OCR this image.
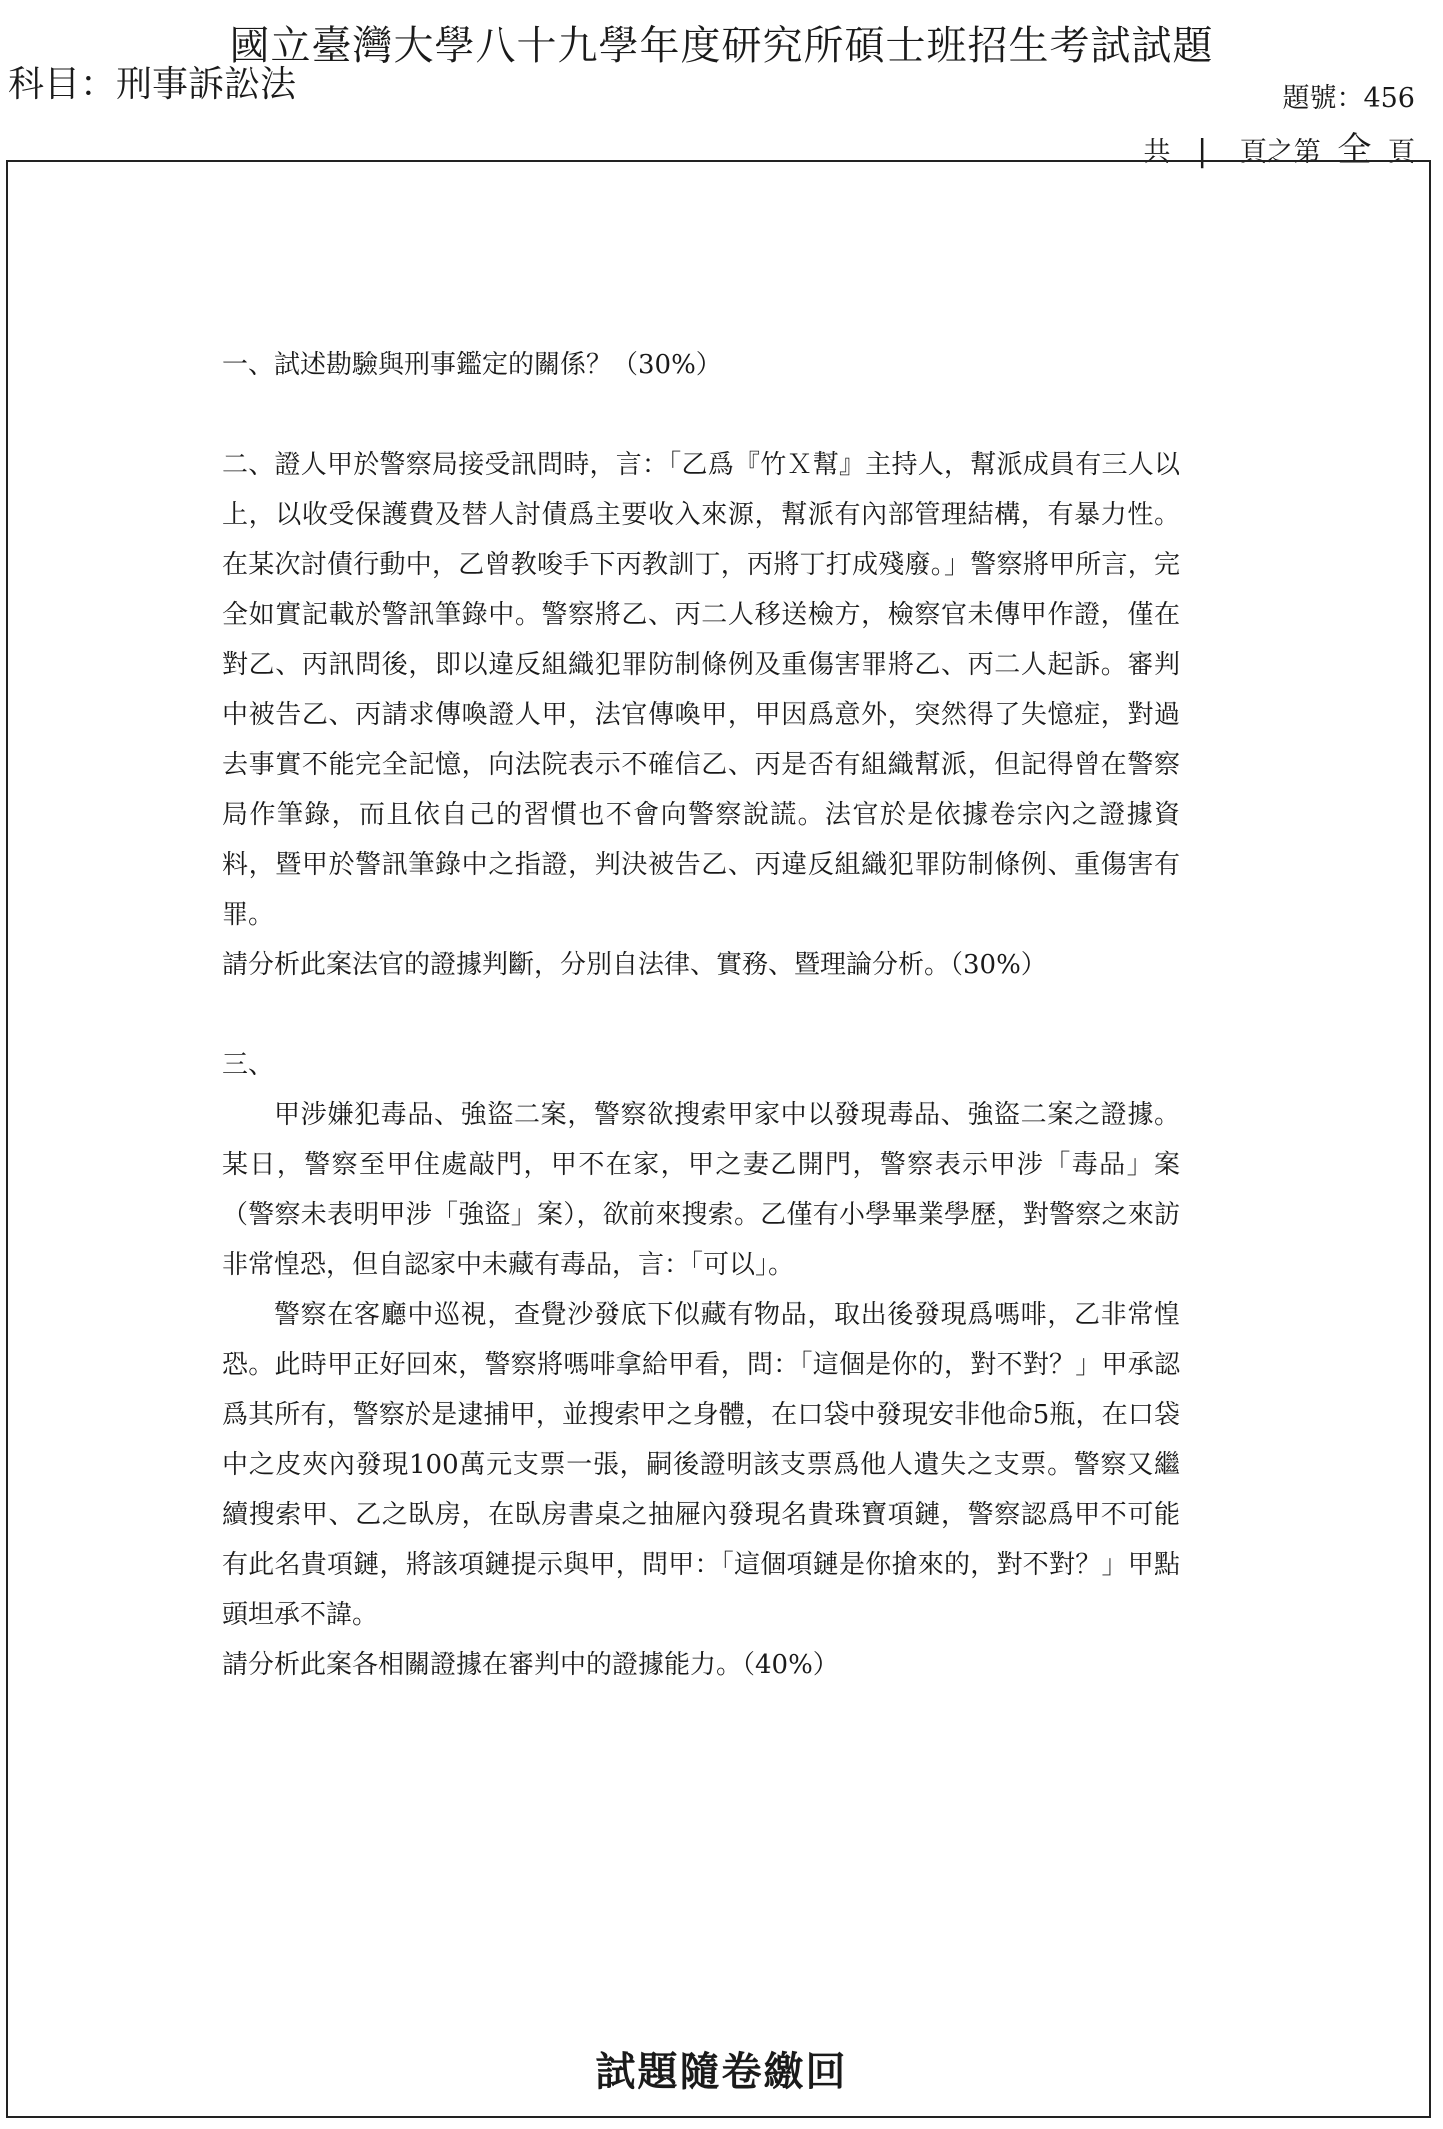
國立臺灣大學八十九學年度研究所碩士班招生考試試題
科目：刑事訴訟法	題號：456
共 | 頁之第 全 頁

一、試述勘驗與刑事鑑定的關係？（30%）

二、證人甲於警察局接受訊問時，言：「乙爲『竹Ｘ幫』主持人，幫派成員有三人以上，以收受保護費及替人討債爲主要收入來源，幫派有內部管理結構，有暴力性。在某次討債行動中，乙曾教唆手下丙教訓丁，丙將丁打成殘廢。」警察將甲所言，完全如實記載於警訊筆錄中。警察將乙、丙二人移送檢方，檢察官未傳甲作證，僅在對乙、丙訊問後，即以違反組織犯罪防制條例及重傷害罪將乙、丙二人起訴。審判中被告乙、丙請求傳喚證人甲，法官傳喚甲，甲因爲意外，突然得了失憶症，對過去事實不能完全記憶，向法院表示不確信乙、丙是否有組織幫派，但記得曾在警察局作筆錄，而且依自己的習慣也不會向警察說謊。法官於是依據卷宗內之證據資料，暨甲於警訊筆錄中之指證，判決被告乙、丙違反組織犯罪防制條例、重傷害有罪。

請分析此案法官的證據判斷，分別自法律、實務、暨理論分析。（30%）

三、

甲涉嫌犯毒品、強盜二案，警察欲搜索甲家中以發現毒品、強盜二案之證據。某日，警察至甲住處敲門，甲不在家，甲之妻乙開門，警察表示甲涉「毒品」案（警察未表明甲涉「強盜」案），欲前來搜索。乙僅有小學畢業學歷，對警察之來訪非常惶恐，但自認家中未藏有毒品，言：「可以」。

警察在客廳中巡視，查覺沙發底下似藏有物品，取出後發現爲嗎啡，乙非常惶恐。此時甲正好回來，警察將嗎啡拿給甲看，問：「這個是你的，對不對？」甲承認爲其所有，警察於是逮捕甲，並搜索甲之身體，在口袋中發現安非他命5瓶，在口袋中之皮夾內發現100萬元支票一張，嗣後證明該支票爲他人遺失之支票。警察又繼續搜索甲、乙之臥房，在臥房書桌之抽屜內發現名貴珠寶項鏈，警察認爲甲不可能有此名貴項鏈，將該項鏈提示與甲，問甲：「這個項鏈是你搶來的，對不對？」甲點頭坦承不諱。

請分析此案各相關證據在審判中的證據能力。（40%）

試題隨卷繳回
